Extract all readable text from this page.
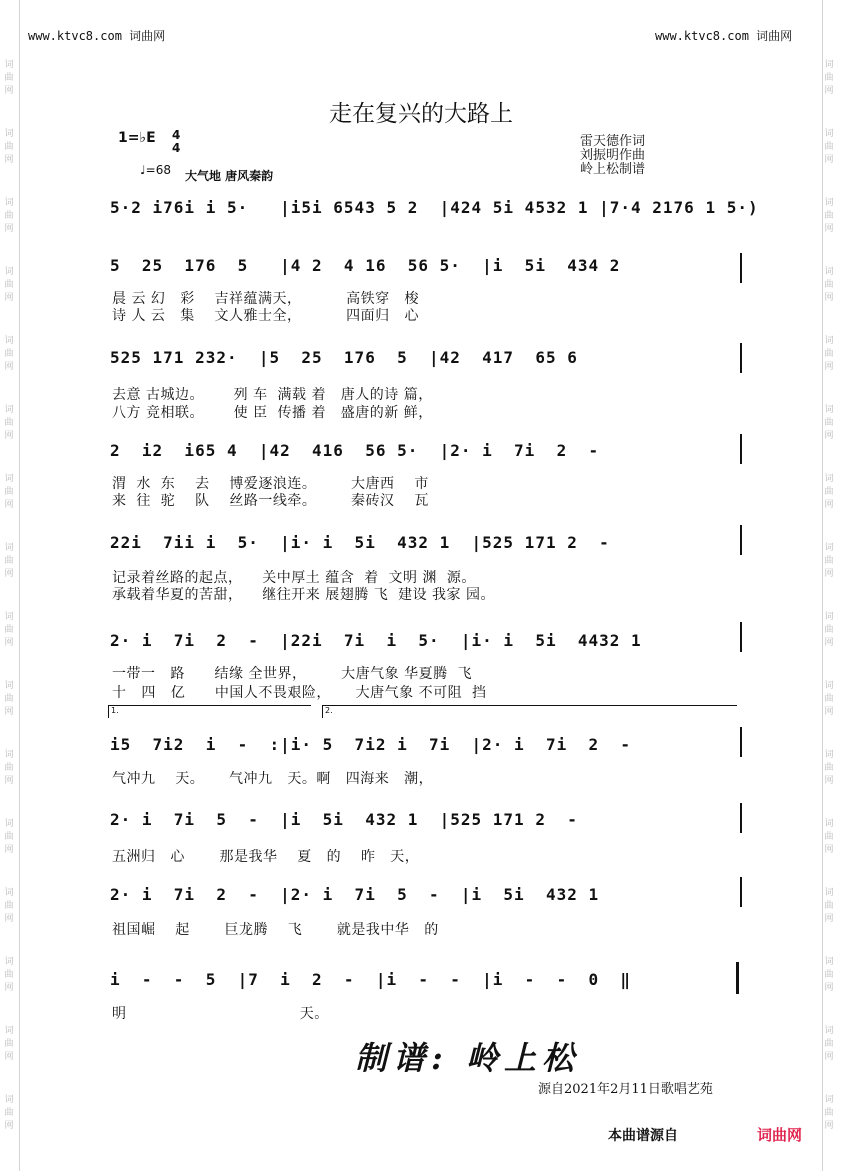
词
曲
网
词
曲
网
词
曲
网
词
曲
网
词
曲
网
词
曲
网
词
曲
网
词
曲
网
词
曲
网
词
曲
网
词
曲
网
词
曲
网
词
曲
网
词
曲
网
词
曲
网
词
曲
网
词
曲
网
词
曲
网
词
曲
网
词
曲
网
词
曲
网
词
曲
网
词
曲
网
词
曲
网
词
曲
网
词
曲
网
词
曲
网
词
曲
网
词
曲
网
词
曲
网
词
曲
网
词
曲
网
www.ktvc8.com 词曲网	www.ktvc8.com 词曲网
走在复兴的大路上
1=♭E 4
4
♩=68 大气地 唐风秦韵
雷天德作词
刘振明作曲
岭上松制谱
5·2 i76i i 5·   |i5i 6543 5 2  |424 5i 4532 1 |7·4 2176 1 5·)
5  25  176  5   |4 2  4 16  56 5·  |i  5i  434 2
晨 云 幻   彩    吉祥蕴满天，         高铁穿   梭
诗 人 云   集    文人雅士全，         四面归   心
525 171 232·  |5  25  176  5  |42  417  65 6
去意 古城边。      列 车  满载 着   唐人的诗 篇，
八方 竞相联。      使 臣  传播 着   盛唐的新 鲜，
2  i2  i65 4  |42  416  56 5·  |2· i  7i  2  -
渭  水  东    去    博爱逐浪连。       大唐西    市
来  往  驼    队    丝路一线牵。       秦砖汉    瓦
22i  7ii i  5·  |i· i  5i  432 1  |525 171 2  -
记录着丝路的起点，    关中厚土 蕴含  着  文明 渊  源。
承载着华夏的苦甜，    继往开来 展翅腾 飞  建设 我家 园。
2· i  7i  2  -  |22i  7i  i  5·  |i· i  5i  4432 1
一带一   路      结缘 全世界，       大唐气象 华夏腾  飞
十   四   亿      中国人不畏艰险，     大唐气象 不可阻  挡
1.	2.
i5  7i2  i  -  :|i· 5  7i2 i  7i  |2· i  7i  2  -
气冲九    天。     气冲九   天。啊   四海来   潮，
2· i  7i  5  -  |i  5i  432 1  |525 171 2  -
五洲归   心       那是我华    夏   的    昨   天，
2· i  7i  2  -  |2· i  7i  5  -  |i  5i  432 1
祖国崛    起       巨龙腾    飞       就是我中华   的
i  -  -  5  |7  i  2  -  |i  -  -  |i  -  -  0  ‖
明                                   天。
制谱: 岭上松
源自2021年2月11日歌唱艺苑
本曲谱源自	词曲网
